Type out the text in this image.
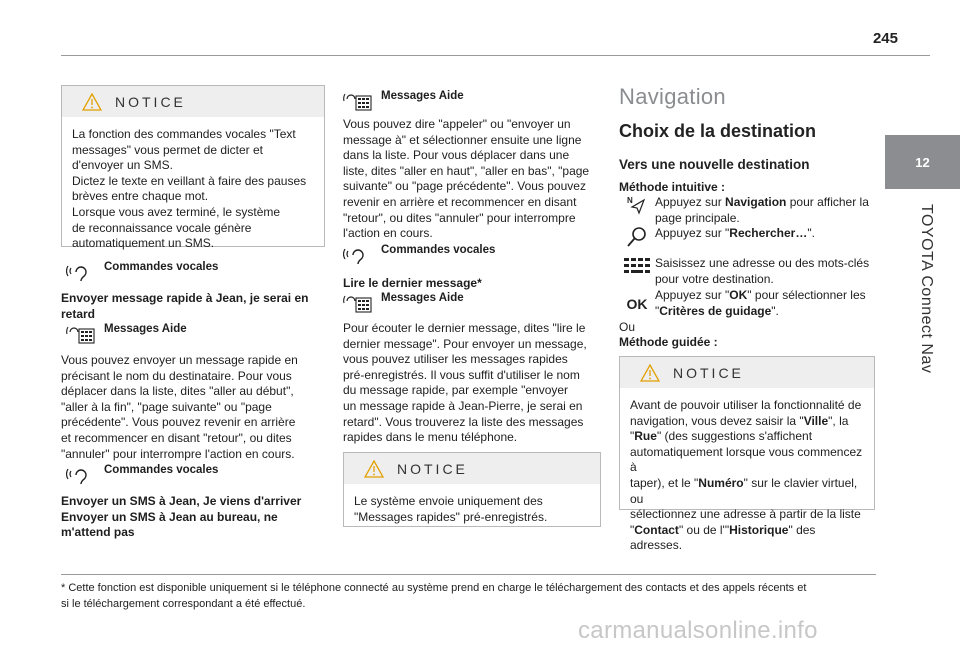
245
12
TOYOTA Connect Nav
NOTICE

La fonction des commandes vocales "Text

messages" vous permet de dicter et

d'envoyer un SMS.

Dictez le texte en veillant à faire des pauses

brèves entre chaque mot.

Lorsque vous avez terminé, le système

de reconnaissance vocale génère

automatiquement un SMS.

Commandes vocales
Envoyer message rapide à Jean, je serai en
retard
Messages Aide

Vous pouvez envoyer un message rapide en

précisant le nom du destinataire. Pour vous

déplacer dans la liste, dites "aller au début",

"aller à la fin", "page suivante" ou "page

précédente". Vous pouvez revenir en arrière

et recommencer en disant "retour", ou dites

"annuler" pour interrompre l'action en cours.

Commandes vocales
Envoyer un SMS à Jean, Je viens d'arriver
Envoyer un SMS à Jean au bureau, ne
m'attend pas
Messages Aide

Vous pouvez dire "appeler" ou "envoyer un

message à" et sélectionner ensuite une ligne

dans la liste. Pour vous déplacer dans une

liste, dites "aller en haut", "aller en bas", "page

suivante" ou "page précédente". Vous pouvez

revenir en arrière et recommencer en disant

"retour", ou dites "annuler" pour interrompre

l'action en cours.

Commandes vocales
Lire le dernier message*
Messages Aide

Pour écouter le dernier message, dites "lire le

dernier message". Pour envoyer un message,

vous pouvez utiliser les messages rapides

pré-enregistrés. Il vous suffit d'utiliser le nom

du message rapide, par exemple "envoyer

un message rapide à Jean-Pierre, je serai en

retard". Vous trouverez la liste des messages

rapides dans le menu téléphone.

NOTICE

Le système envoie uniquement des

"Messages rapides" pré-enregistrés.

Navigation
Choix de la destination
Vers une nouvelle destination
Méthode intuitive :
N Appuyez sur Navigation pour afficher la
page principale.
Appuyez sur "Rechercher…".
Saisissez une adresse ou des mots-clés
pour votre destination.
OK
Appuyez sur "OK" pour sélectionner les
"Critères de guidage".
Ou
Méthode guidée :
NOTICE

Avant de pouvoir utiliser la fonctionnalité de

navigation, vous devez saisir la "Ville", la

"Rue" (des suggestions s'affichent

automatiquement lorsque vous commencez à

taper), et le "Numéro" sur le clavier virtuel, ou

sélectionnez une adresse à partir de la liste

"Contact" ou de l'"Historique" des adresses.

* Cette fonction est disponible uniquement si le téléphone connecté au système prend en charge le téléchargement des contacts et des appels récents et
si le téléchargement correspondant a été effectué.
carmanualsonline.info
